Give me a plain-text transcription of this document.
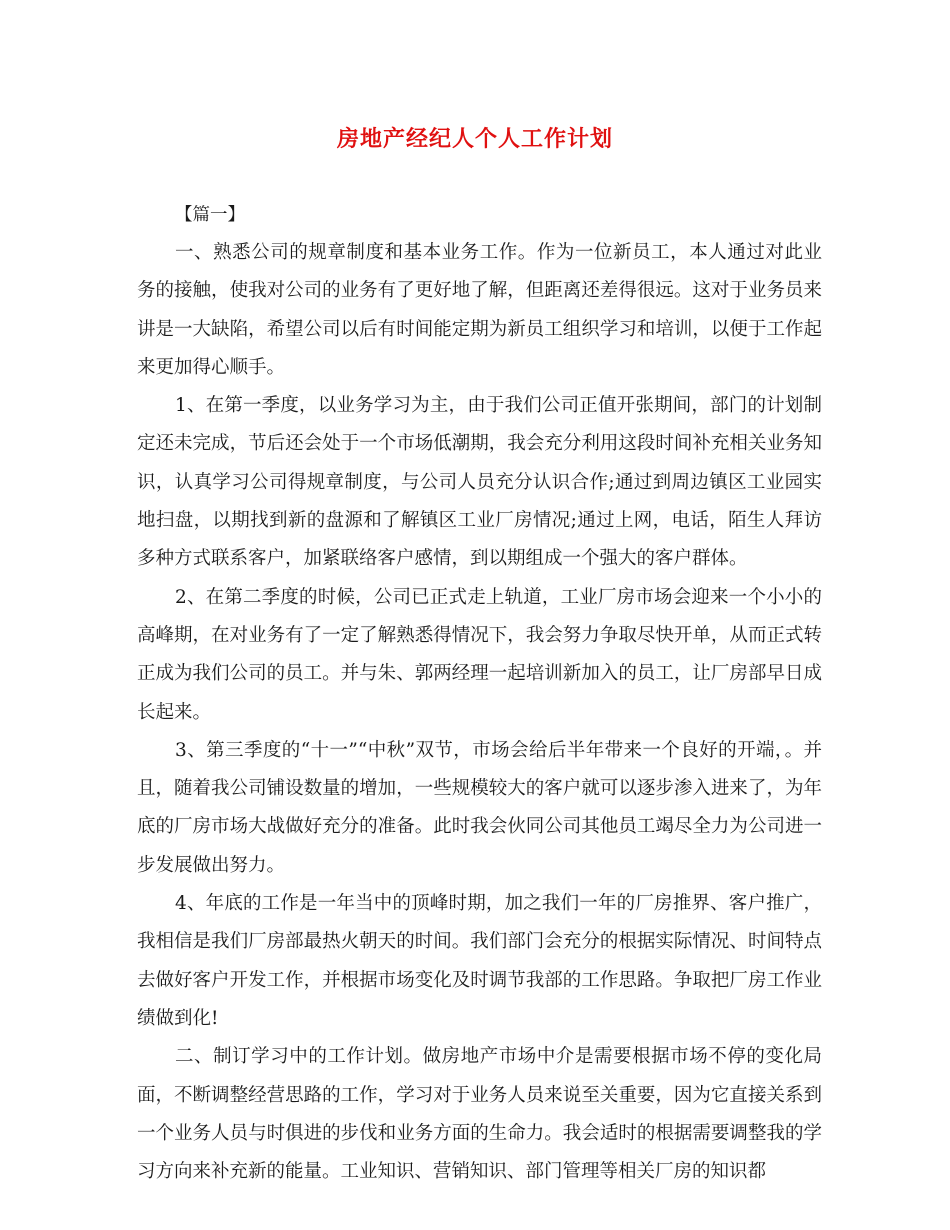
房地产经纪人个人工作计划

【篇一】

一、熟悉公司的规章制度和基本业务工作。作为一位新员工，本人通过对此业务的接触，使我对公司的业务有了更好地了解，但距离还差得很远。这对于业务员来讲是一大缺陷，希望公司以后有时间能定期为新员工组织学习和培训，以便于工作起来更加得心顺手。

1、在第一季度，以业务学习为主，由于我们公司正值开张期间，部门的计划制定还未完成，节后还会处于一个市场低潮期，我会充分利用这段时间补充相关业务知识，认真学习公司得规章制度，与公司人员充分认识合作;通过到周边镇区工业园实地扫盘，以期找到新的盘源和了解镇区工业厂房情况;通过上网，电话，陌生人拜访多种方式联系客户，加紧联络客户感情，到以期组成一个强大的客户群体。

2、在第二季度的时候，公司已正式走上轨道，工业厂房市场会迎来一个小小的高峰期，在对业务有了一定了解熟悉得情况下，我会努力争取尽快开单，从而正式转正成为我们公司的员工。并与朱、郭两经理一起培训新加入的员工，让厂房部早日成长起来。

3、第三季度的“十一”“中秋”双节，市场会给后半年带来一个良好的开端，。并且，随着我公司铺设数量的增加，一些规模较大的客户就可以逐步渗入进来了，为年底的厂房市场大战做好充分的准备。此时我会伙同公司其他员工竭尽全力为公司进一步发展做出努力。

4、年底的工作是一年当中的顶峰时期，加之我们一年的厂房推界、客户推广，我相信是我们厂房部最热火朝天的时间。我们部门会充分的根据实际情况、时间特点去做好客户开发工作，并根据市场变化及时调节我部的工作思路。争取把厂房工作业绩做到化!

二、制订学习中的工作计划。做房地产市场中介是需要根据市场不停的变化局面，不断调整经营思路的工作，学习对于业务人员来说至关重要，因为它直接关系到一个业务人员与时俱进的步伐和业务方面的生命力。我会适时的根据需要调整我的学习方向来补充新的能量。工业知识、营销知识、部门管理等相关厂房的知识都
